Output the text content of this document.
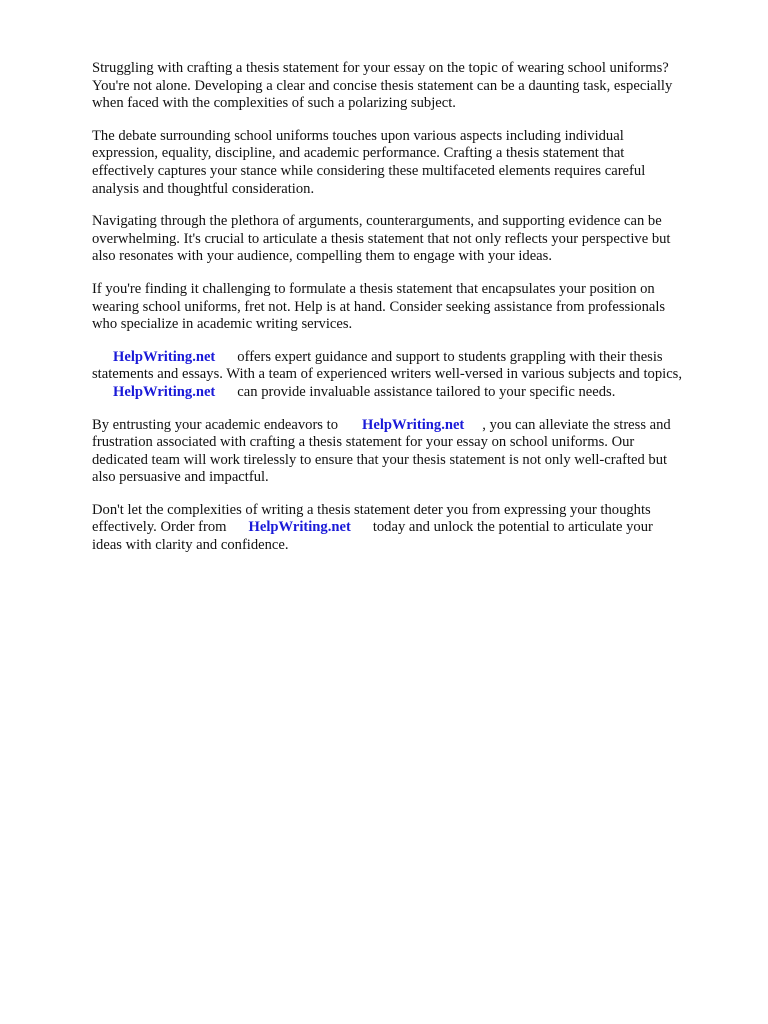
Struggling with crafting a thesis statement for your essay on the topic of wearing school uniforms?
You're not alone. Developing a clear and concise thesis statement can be a daunting task, especially
when faced with the complexities of such a polarizing subject.
The debate surrounding school uniforms touches upon various aspects including individual
expression, equality, discipline, and academic performance. Crafting a thesis statement that
effectively captures your stance while considering these multifaceted elements requires careful
analysis and thoughtful consideration.
Navigating through the plethora of arguments, counterarguments, and supporting evidence can be
overwhelming. It's crucial to articulate a thesis statement that not only reflects your perspective but
also resonates with your audience, compelling them to engage with your ideas.
If you're finding it challenging to formulate a thesis statement that encapsulates your position on
wearing school uniforms, fret not. Help is at hand. Consider seeking assistance from professionals
who specialize in academic writing services.
HelpWriting.net offers expert guidance and support to students grappling with their thesis
statements and essays. With a team of experienced writers well-versed in various subjects and topics,
HelpWriting.net can provide invaluable assistance tailored to your specific needs.
By entrusting your academic endeavors to HelpWriting.net , you can alleviate the stress and
frustration associated with crafting a thesis statement for your essay on school uniforms. Our
dedicated team will work tirelessly to ensure that your thesis statement is not only well-crafted but
also persuasive and impactful.
Don't let the complexities of writing a thesis statement deter you from expressing your thoughts
effectively. Order from HelpWriting.net today and unlock the potential to articulate your
ideas with clarity and confidence.
